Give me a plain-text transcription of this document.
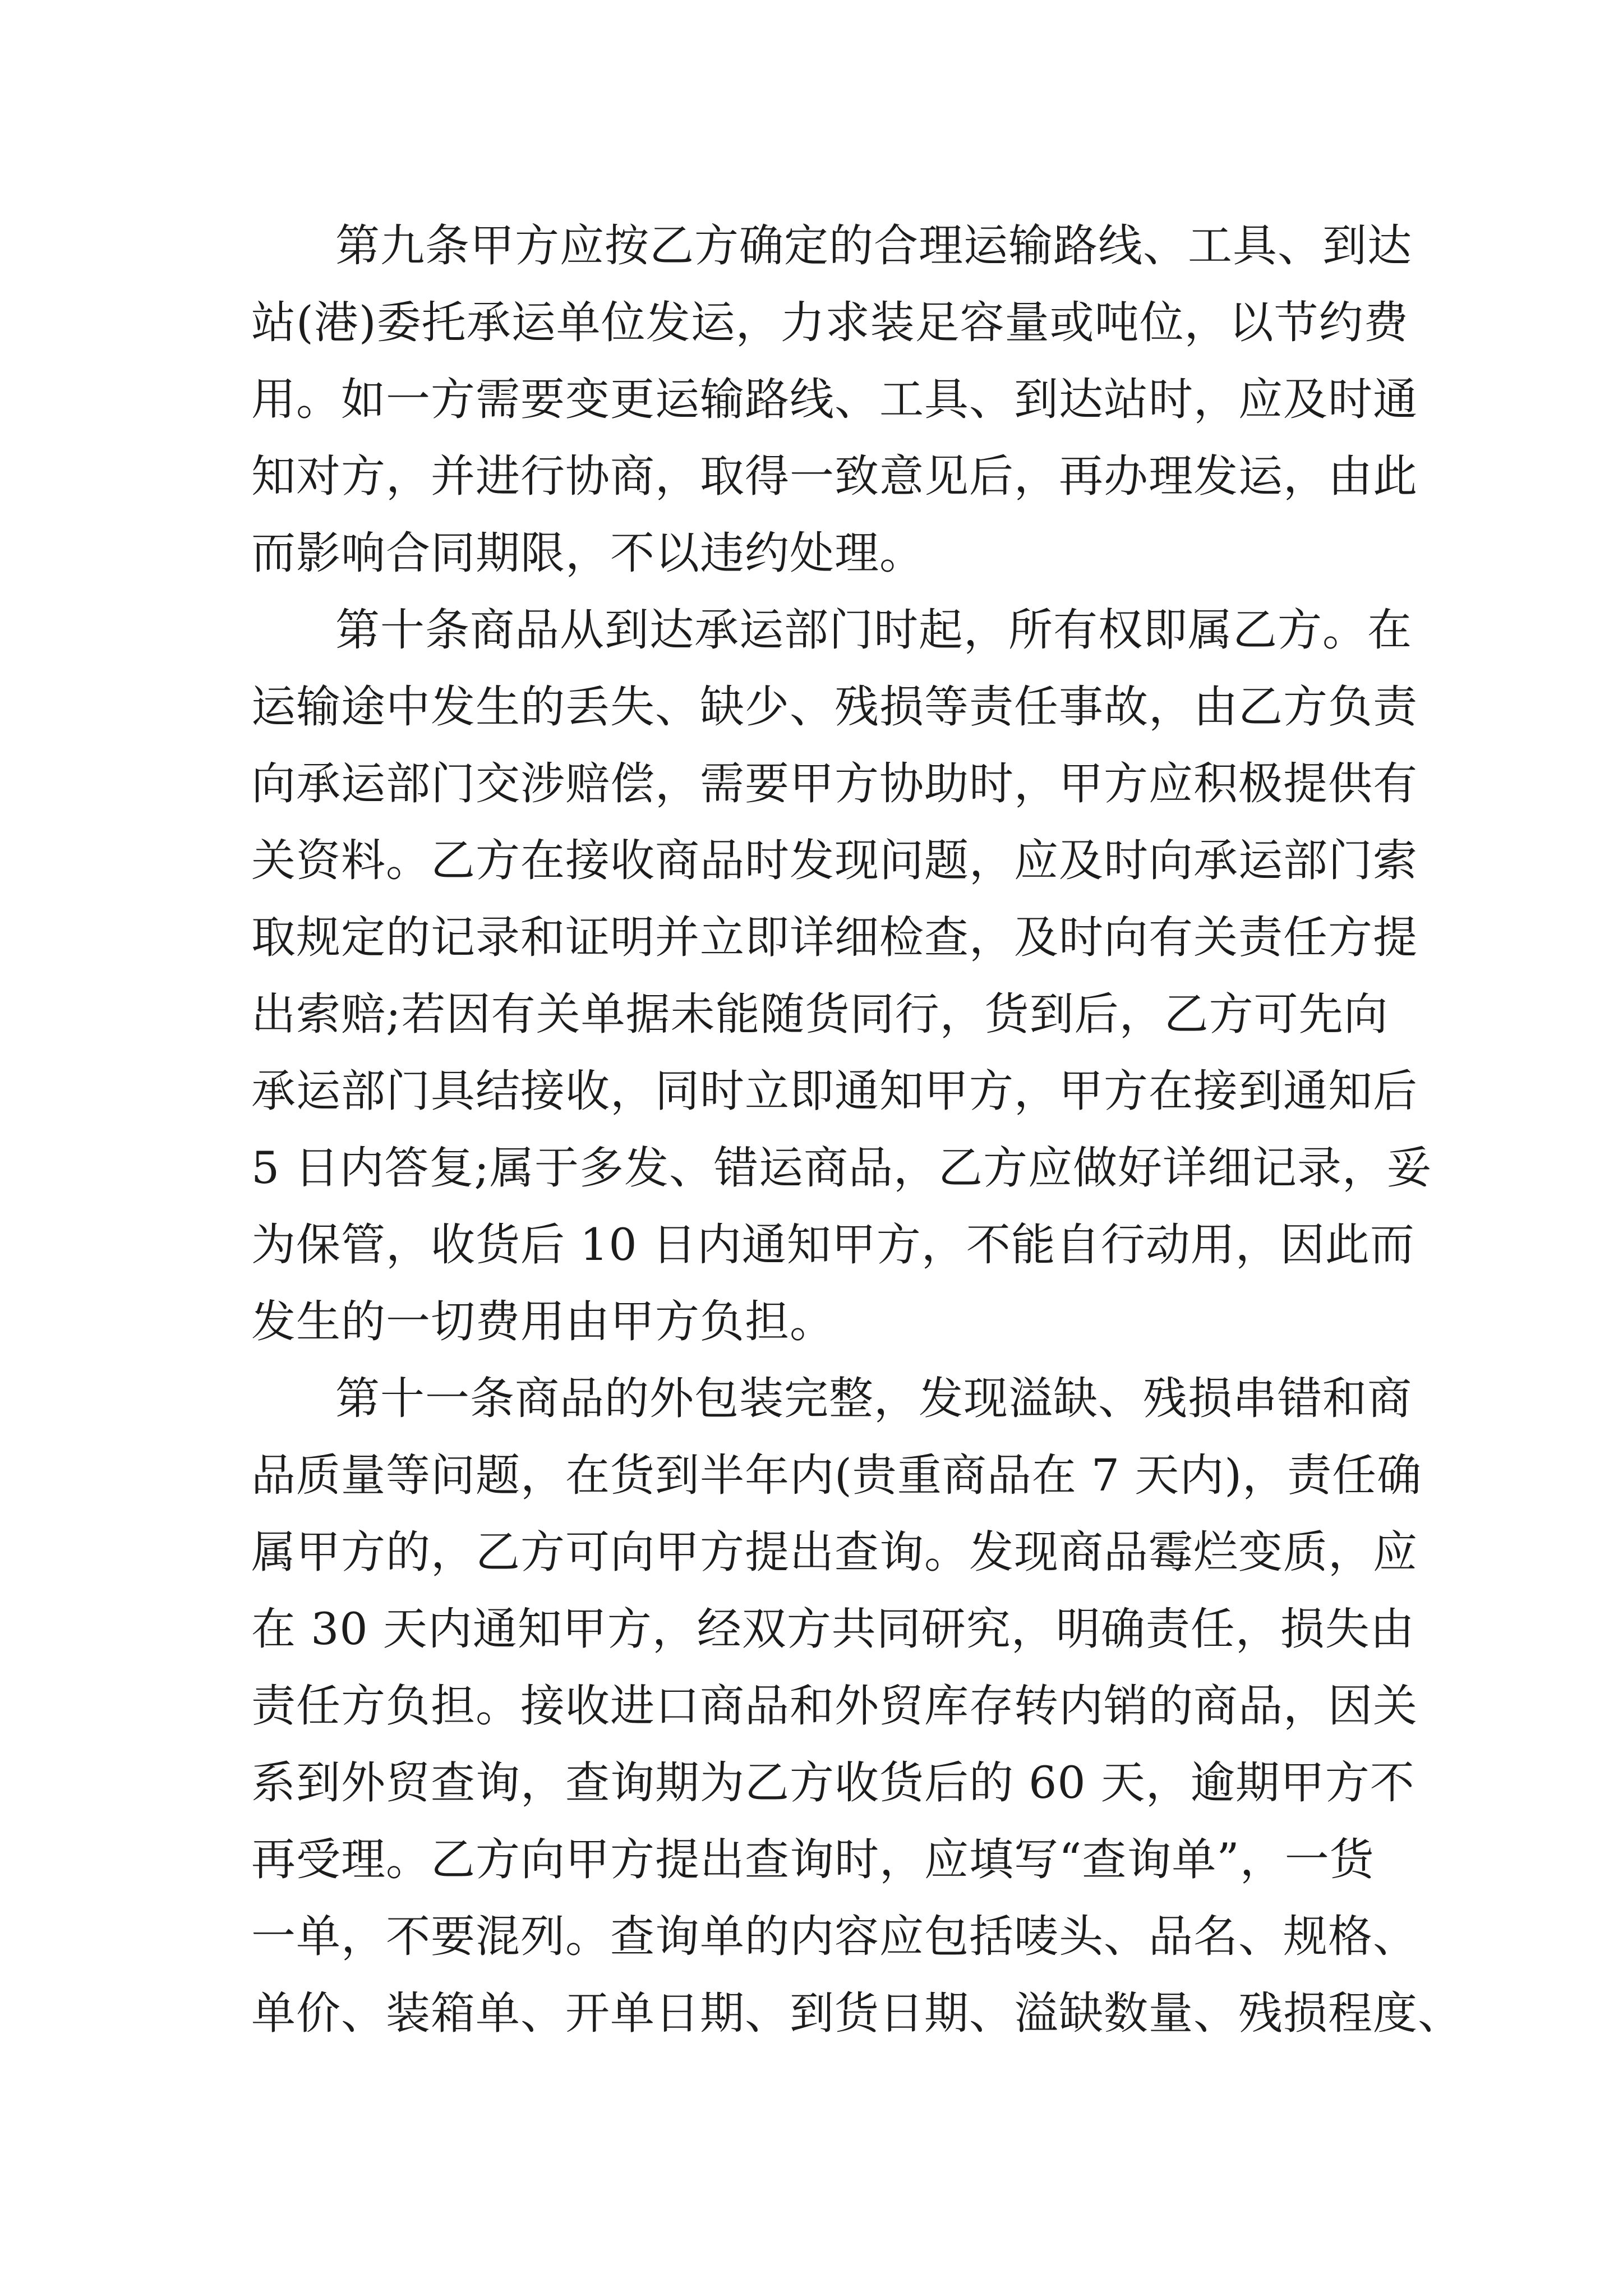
第九条甲方应按乙方确定的合理运输路线、工具、到达
站(港)委托承运单位发运，力求装足容量或吨位，以节约费
用。如一方需要变更运输路线、工具、到达站时，应及时通
知对方，并进行协商，取得一致意见后，再办理发运，由此
而影响合同期限，不以违约处理。
第十条商品从到达承运部门时起，所有权即属乙方。在
运输途中发生的丢失、缺少、残损等责任事故，由乙方负责
向承运部门交涉赔偿，需要甲方协助时，甲方应积极提供有
关资料。乙方在接收商品时发现问题，应及时向承运部门索
取规定的记录和证明并立即详细检查，及时向有关责任方提
出索赔;若因有关单据未能随货同行，货到后，乙方可先向
承运部门具结接收，同时立即通知甲方，甲方在接到通知后
5 日内答复;属于多发、错运商品，乙方应做好详细记录，妥
为保管，收货后 10 日内通知甲方，不能自行动用，因此而
发生的一切费用由甲方负担。
第十一条商品的外包装完整，发现溢缺、残损串错和商
品质量等问题，在货到半年内(贵重商品在 7 天内)，责任确
属甲方的，乙方可向甲方提出查询。发现商品霉烂变质，应
在 30 天内通知甲方，经双方共同研究，明确责任，损失由
责任方负担。接收进口商品和外贸库存转内销的商品，因关
系到外贸查询，查询期为乙方收货后的 60 天，逾期甲方不
再受理。乙方向甲方提出查询时，应填写“查询单”，一货
一单，不要混列。查询单的内容应包括唛头、品名、规格、
单价、装箱单、开单日期、到货日期、溢缺数量、残损程度、
